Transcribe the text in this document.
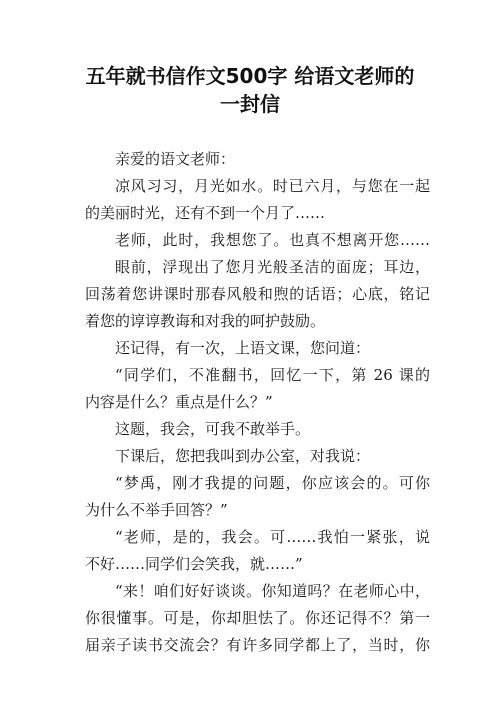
五年就书信作文500字 给语文老师的
一封信
亲爱的语文老师：
凉风习习，月光如水。时已六月，与您在一起
的美丽时光，还有不到一个月了……
老师，此时，我想您了。也真不想离开您……
眼前，浮现出了您月光般圣洁的面庞；耳边，
回荡着您讲课时那春风般和煦的话语；心底，铭记
着您的谆谆教诲和对我的呵护鼓励。
还记得，有一次，上语文课，您问道：
“同学们，不准翻书，回忆一下，第 26 课的
内容是什么？重点是什么？”
这题，我会，可我不敢举手。
下课后，您把我叫到办公室，对我说：
“梦禹，刚才我提的问题，你应该会的。可你
为什么不举手回答？”
“老师，是的，我会。可……我怕一紧张，说
不好……同学们会笑我，就……”
“来！咱们好好谈谈。你知道吗？在老师心中，
你很懂事。可是，你却胆怯了。你还记得不？第一
届亲子读书交流会？有许多同学都上了，当时，你
